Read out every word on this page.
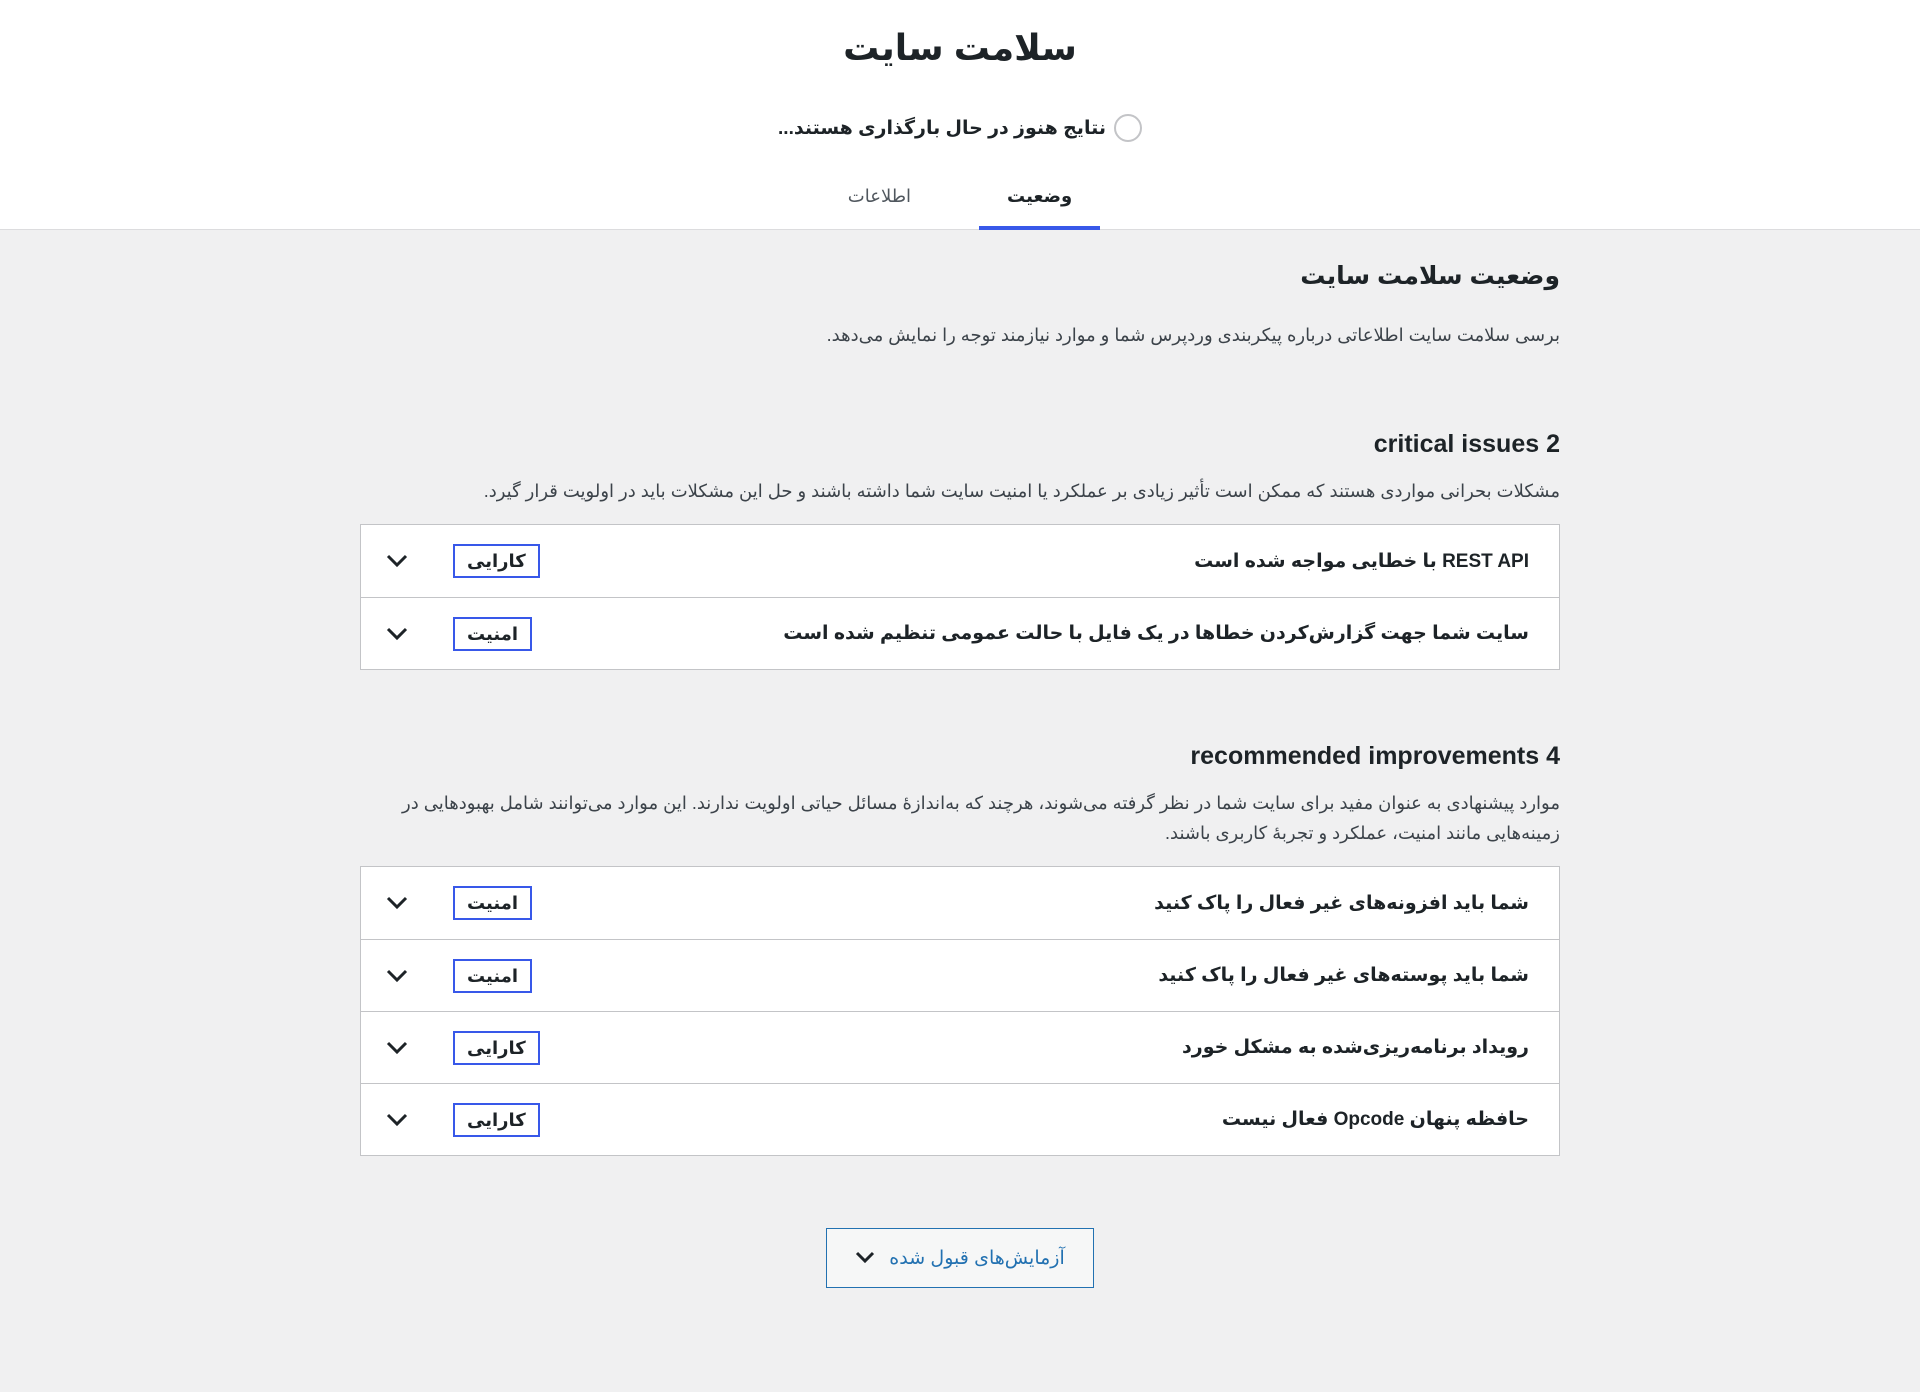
سلامت سایت
نتایج هنوز در حال بارگذاری هستند...
وضعیت
اطلاعات
وضعیت سلامت سایت

برسی سلامت سایت اطلاعاتی درباره پیکربندی وردپرس شما و موارد نیازمند توجه را نمایش می‌دهد.

2 critical issues

مشکلات بحرانی مواردی هستند که ممکن است تأثیر زیادی بر عملکرد یا امنیت سایت شما داشته باشند و حل این مشکلات باید در اولویت قرار گیرد.

REST API با خطایی مواجه شده است
کارایی
سایت شما جهت گزارش‌کردن خطاها در یک فایل با حالت عمومی تنظیم شده است
امنیت
4 recommended improvements

موارد پیشنهادی به عنوان مفید برای سایت شما در نظر گرفته می‌شوند، هرچند که به‌اندازهٔ مسائل حیاتی اولویت ندارند. این موارد می‌توانند شامل بهبودهایی در زمینه‌هایی مانند امنیت، عملکرد و تجربهٔ کاربری باشند.

شما باید افزونه‌های غیر فعال را پاک کنید
امنیت
شما باید پوسته‌های غیر فعال را پاک کنید
امنیت
رویداد برنامه‌ریزی‌شده به مشکل خورد
کارایی
حافظه پنهان Opcode فعال نیست
کارایی
آزمایش‌های قبول شده
